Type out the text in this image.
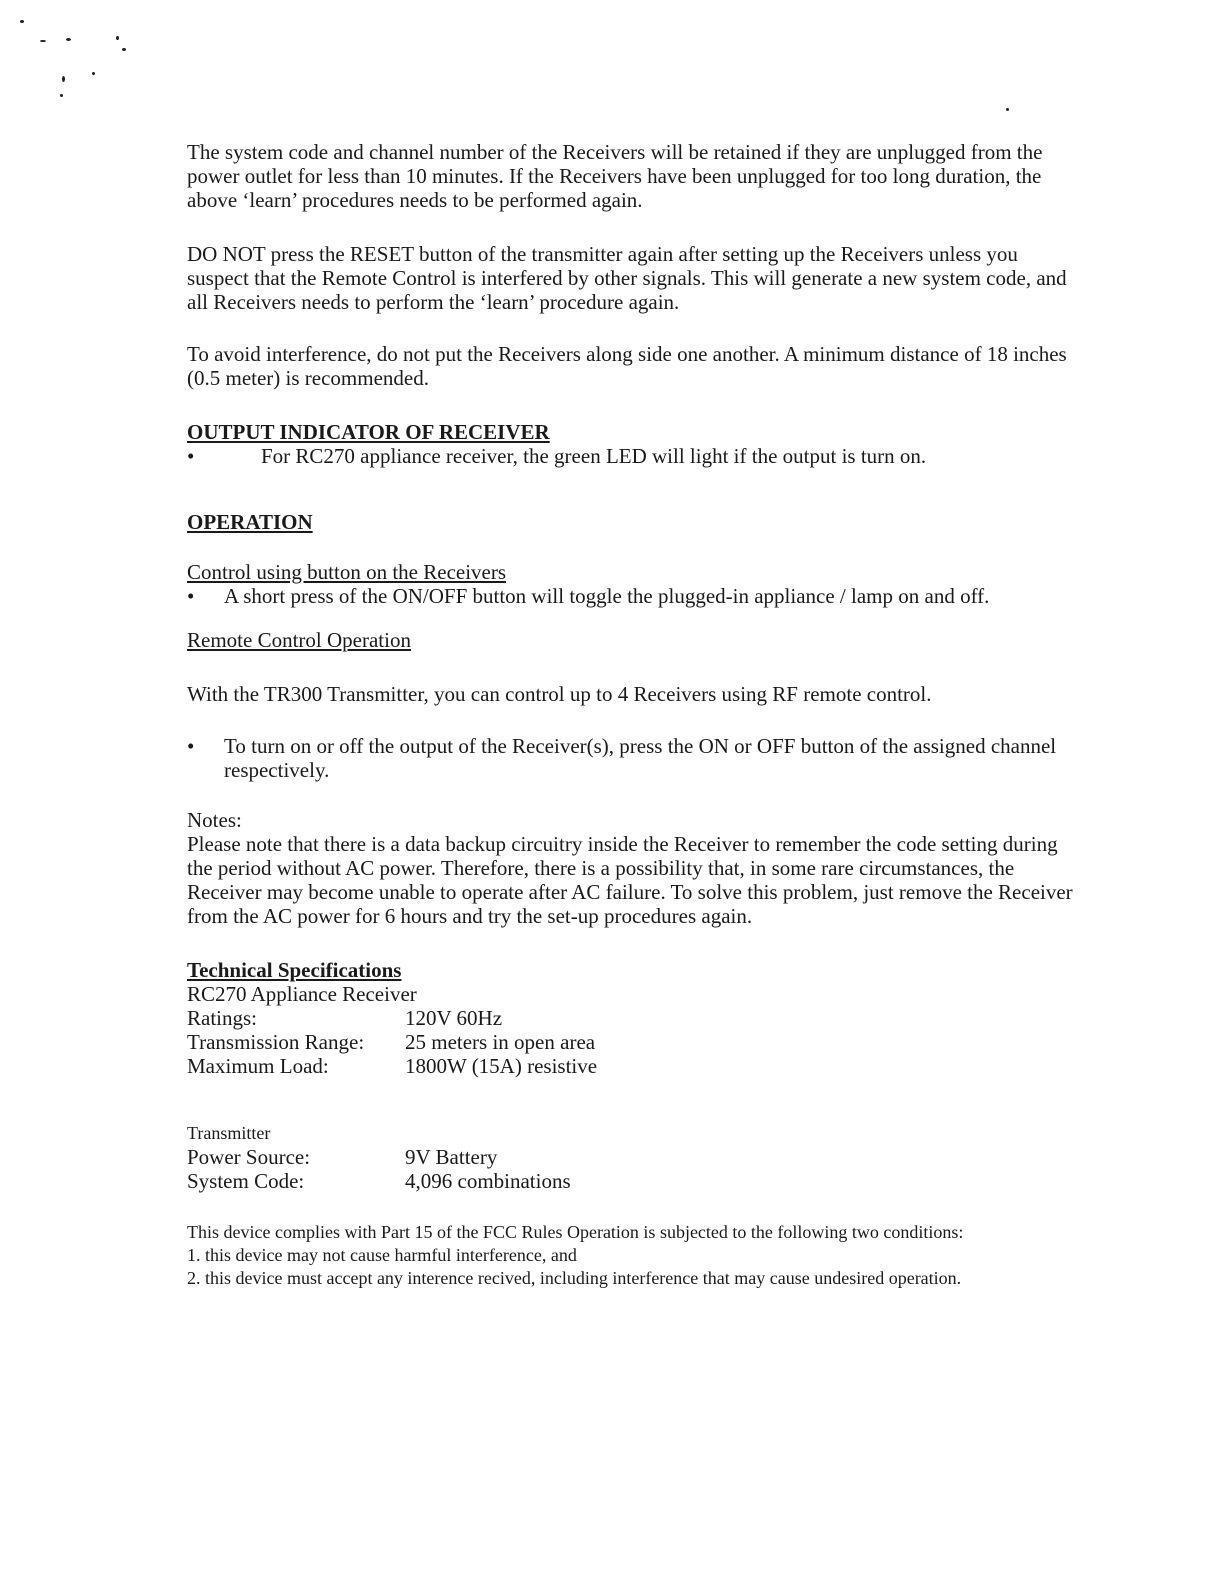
The system code and channel number of the Receivers will be retained if they are unplugged from the power outlet for less than 10 minutes. If the Receivers have been unplugged for too long duration, the above ‘learn’ procedures needs to be performed again.

DO NOT press the RESET button of the transmitter again after setting up the Receivers unless you suspect that the Remote Control is interfered by other signals. This will generate a new system code, and all Receivers needs to perform the ‘learn’ procedure again.

To avoid interference, do not put the Receivers along side one another. A minimum distance of 18 inches (0.5 meter) is recommended.

OUTPUT INDICATOR OF RECEIVER

•	For RC270 appliance receiver, the green LED will light if the output is turn on.

OPERATION

Control using button on the Receivers

•	A short press of the ON/OFF button will toggle the plugged-in appliance / lamp on and off.

Remote Control Operation

With the TR300 Transmitter, you can control up to 4 Receivers using RF remote control.

•	To turn on or off the output of the Receiver(s), press the ON or OFF button of the assigned channel respectively.

Notes:

Please note that there is a data backup circuitry inside the Receiver to remember the code setting during the period without AC power. Therefore, there is a possibility that, in some rare circumstances, the Receiver may become unable to operate after AC failure. To solve this problem, just remove the Receiver from the AC power for 6 hours and try the set-up procedures again.

Technical Specifications

RC270 Appliance Receiver

Ratings:	120V 60Hz
Transmission Range:	25 meters in open area
Maximum Load:	1800W (15A) resistive

Transmitter

Power Source:	9V Battery
System Code:	4,096 combinations

This device complies with Part 15 of the FCC Rules Operation is subjected to the following two conditions:

1. this device may not cause harmful interference, and

2. this device must accept any interence recived, including interference that may cause undesired operation.
